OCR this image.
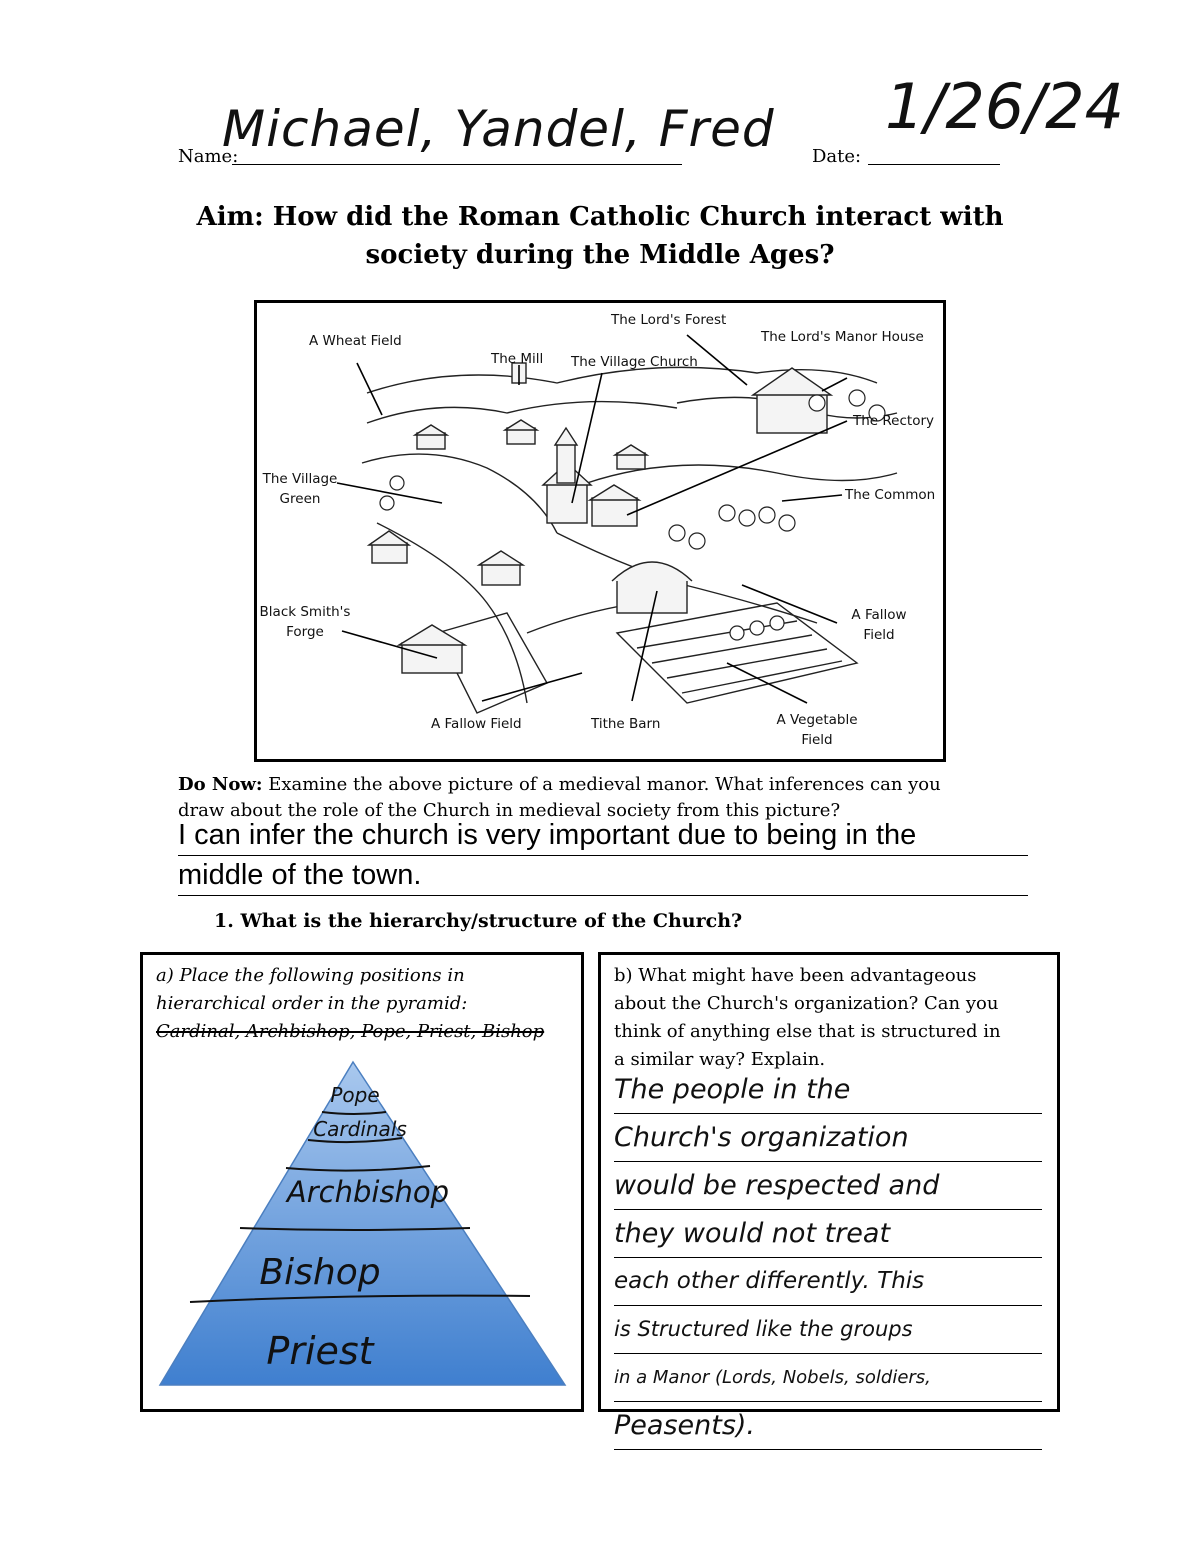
Name:
Michael, Yandel, Fred Date:
1/26/24
Aim: How did the Roman Catholic Church interact with
society during the Middle Ages?
A Wheat Field
The Mill The Village Church
The Lord's Forest
The Lord's Manor House
The Rectory
The Village
Green	The Common
Black Smith's
Forge
A Fallow
Field
A Fallow Field	Tithe Barn	A Vegetable
Field
Do Now: Examine the above picture of a medieval manor. What inferences can you
draw about the role of the Church in medieval society from this picture?
I can infer the church is very important due to being in the
middle of the town.
1. What is the hierarchy/structure of the Church?
a) Place the following positions in
hierarchical order in the pyramid:
Cardinal, Archbishop, Pope, Priest, Bishop
Pope
Cardinals
Archbishop
Bishop
Priest
b) What might have been advantageous
about the Church's organization? Can you
think of anything else that is structured in
a similar way? Explain.
The people in the
Church's organization
would be respected and
they would not treat
each other differently. This
is Structured like the groups
in a Manor (Lords, Nobels, soldiers,
Peasents).
